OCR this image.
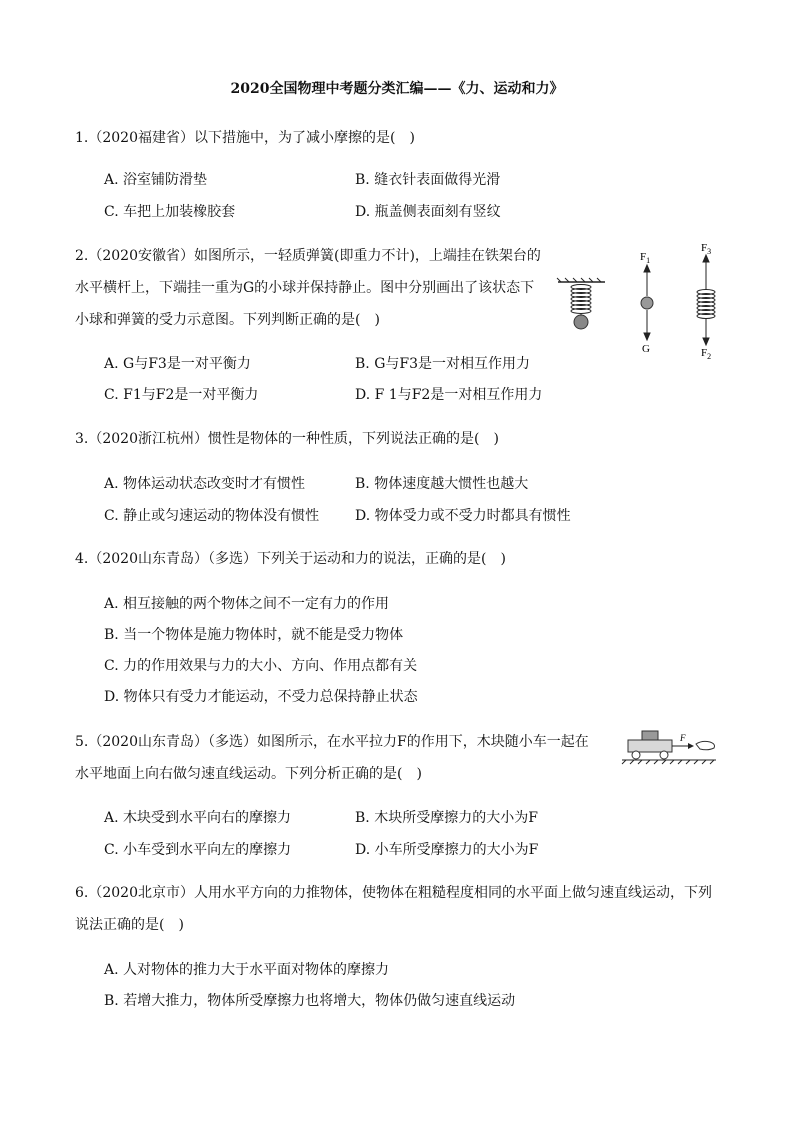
2020全国物理中考题分类汇编——《力、运动和力》
1.（2020福建省）以下措施中，为了减小摩擦的是(　)
A. 浴室铺防滑垫	B. 缝衣针表面做得光滑
C. 车把上加装橡胶套	D. 瓶盖侧表面刻有竖纹
2.（2020安徽省）如图所示，一轻质弹簧(即重力不计)，上端挂在铁架台的
水平横杆上，下端挂一重为G的小球并保持静止。图中分别画出了该状态下
小球和弹簧的受力示意图。下列判断正确的是(　)
$F_1$
G
$F_3$
$F_2$
A. G与F3是一对平衡力	B. G与F3是一对相互作用力
C. F1与F2是一对平衡力	D. F 1与F2是一对相互作用力
3.（2020浙江杭州）惯性是物体的一种性质，下列说法正确的是(　)
A. 物体运动状态改变时才有惯性	B. 物体速度越大惯性也越大
C. 静止或匀速运动的物体没有惯性	D. 物体受力或不受力时都具有惯性
4.（2020山东青岛）（多选）下列关于运动和力的说法，正确的是(　)
A. 相互接触的两个物体之间不一定有力的作用
B. 当一个物体是施力物体时，就不能是受力物体
C. 力的作用效果与力的大小、方向、作用点都有关
D. 物体只有受力才能运动，不受力总保持静止状态
5.（2020山东青岛）（多选）如图所示，在水平拉力F的作用下，木块随小车一起在
水平地面上向右做匀速直线运动。下列分析正确的是(　)
F
A. 木块受到水平向右的摩擦力	B. 木块所受摩擦力的大小为F
C. 小车受到水平向左的摩擦力	D. 小车所受摩擦力的大小为F
6.（2020北京市）人用水平方向的力推物体，使物体在粗糙程度相同的水平面上做匀速直线运动，下列
说法正确的是(　)
A. 人对物体的推力大于水平面对物体的摩擦力
B. 若增大推力，物体所受摩擦力也将增大，物体仍做匀速直线运动
